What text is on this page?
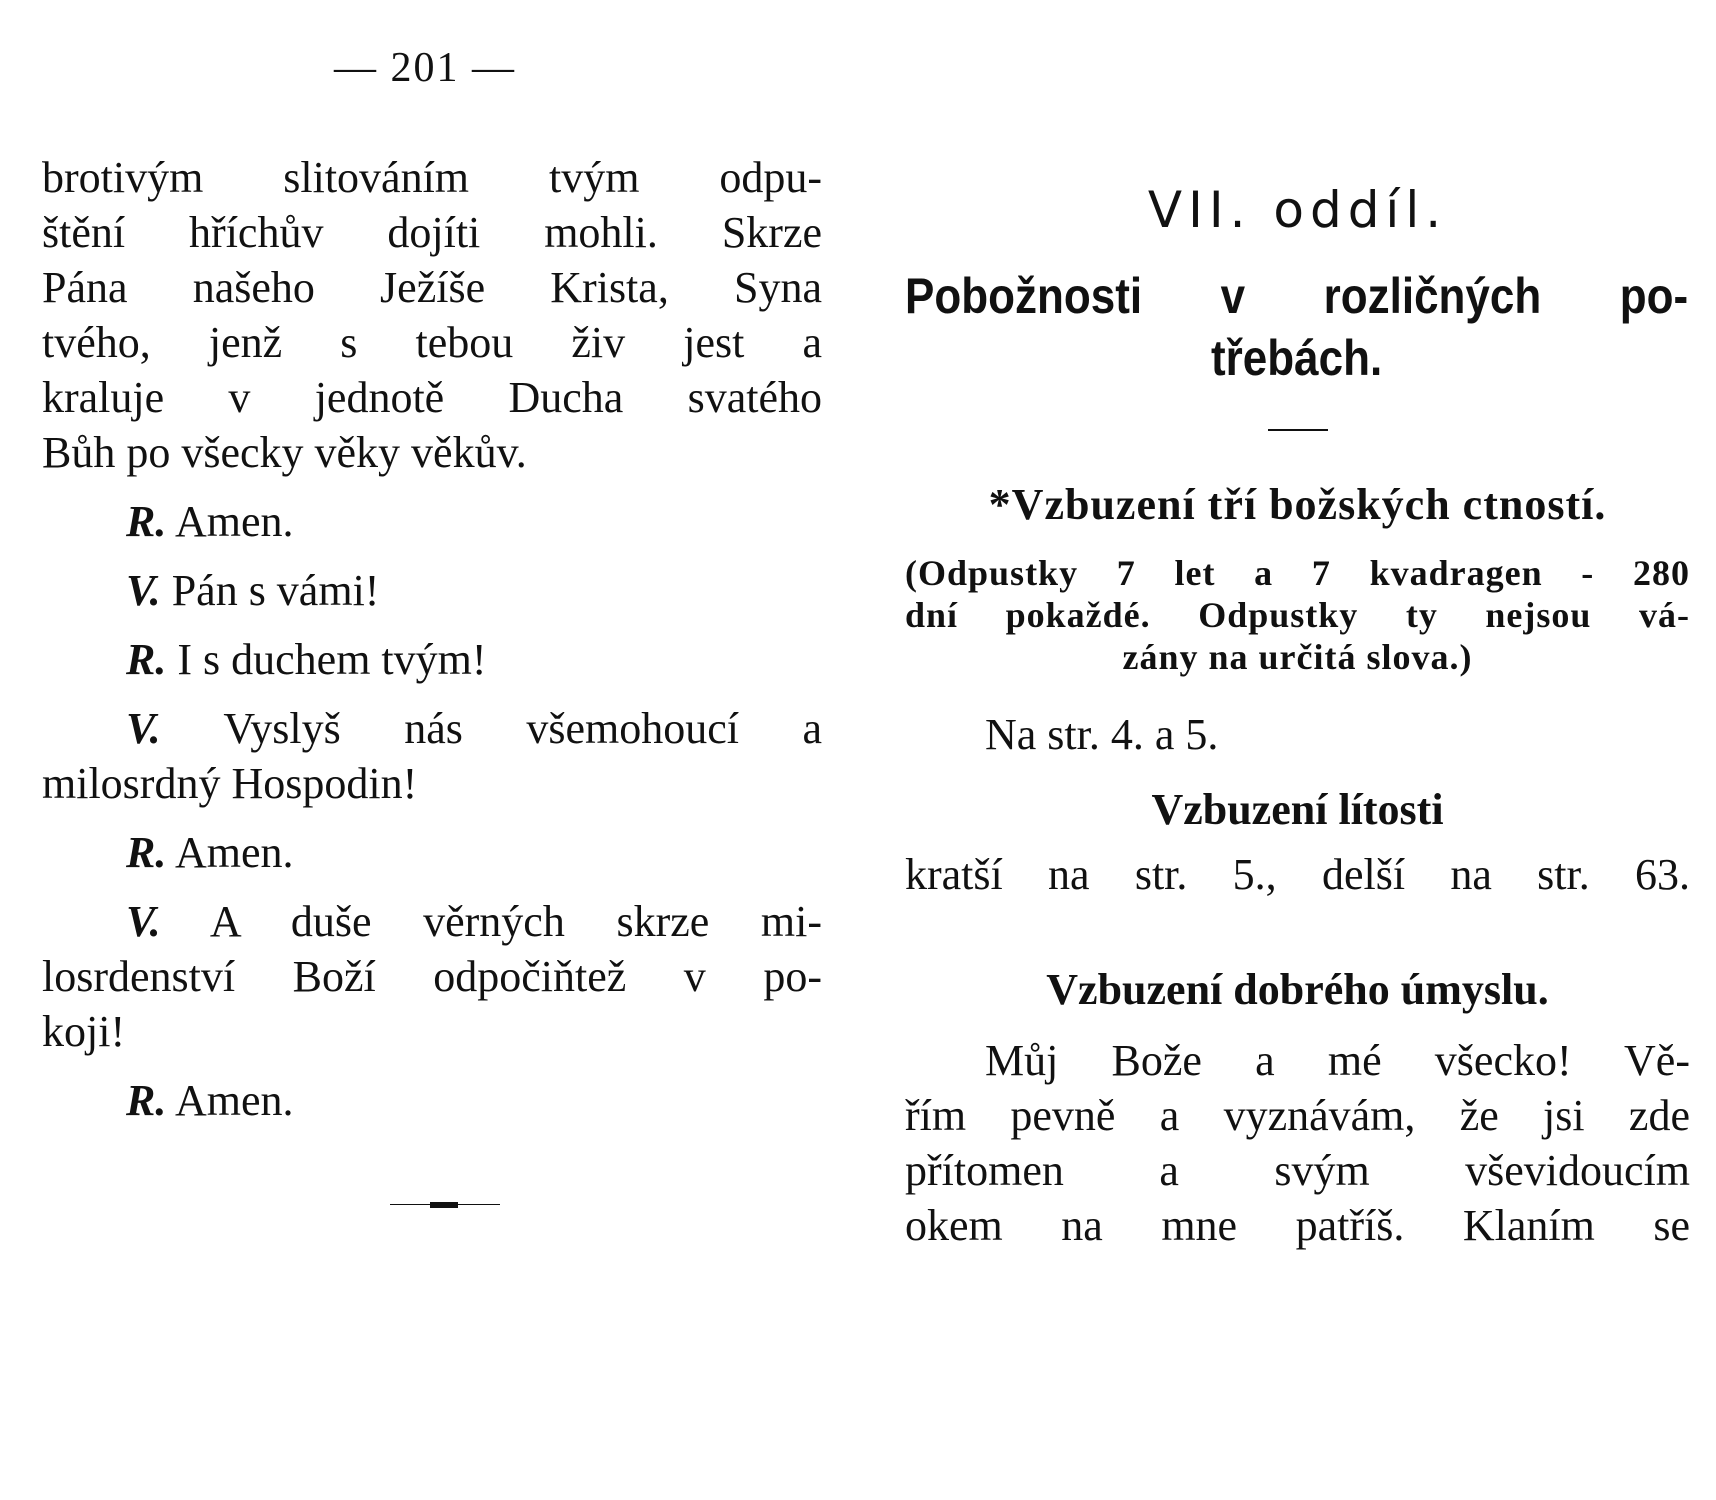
— 201 —
brotivým slitováním tvým odpu-
štění hříchův dojíti mohli. Skrze
Pána našeho Ježíše Krista, Syna
tvého, jenž s tebou živ jest a
kraluje v jednotě Ducha svatého
Bůh po všecky věky věkův.
R. Amen.
V. Pán s vámi!
R. I s duchem tvým!
V. Vyslyš nás všemohoucí a
milosrdný Hospodin!
R. Amen.
V. A duše věrných skrze mi-
losrdenství Boží odpočiňtež v po-
koji!
R. Amen.
VII. oddíl.
Pobožnosti v rozličných po-
třebách.
*Vzbuzení tří božských ctností.
(Odpustky 7 let a 7 kvadragen - 280
dní pokaždé. Odpustky ty nejsou vá-
zány na určitá slova.)
Na str. 4. a 5.
Vzbuzení lítosti
kratší na str. 5., delší na str. 63.
Vzbuzení dobrého úmyslu.
Můj Bože a mé všecko! Vě-
řím pevně a vyznávám, že jsi zde
přítomen a svým vševidoucím
okem na mne patříš. Klaním se
